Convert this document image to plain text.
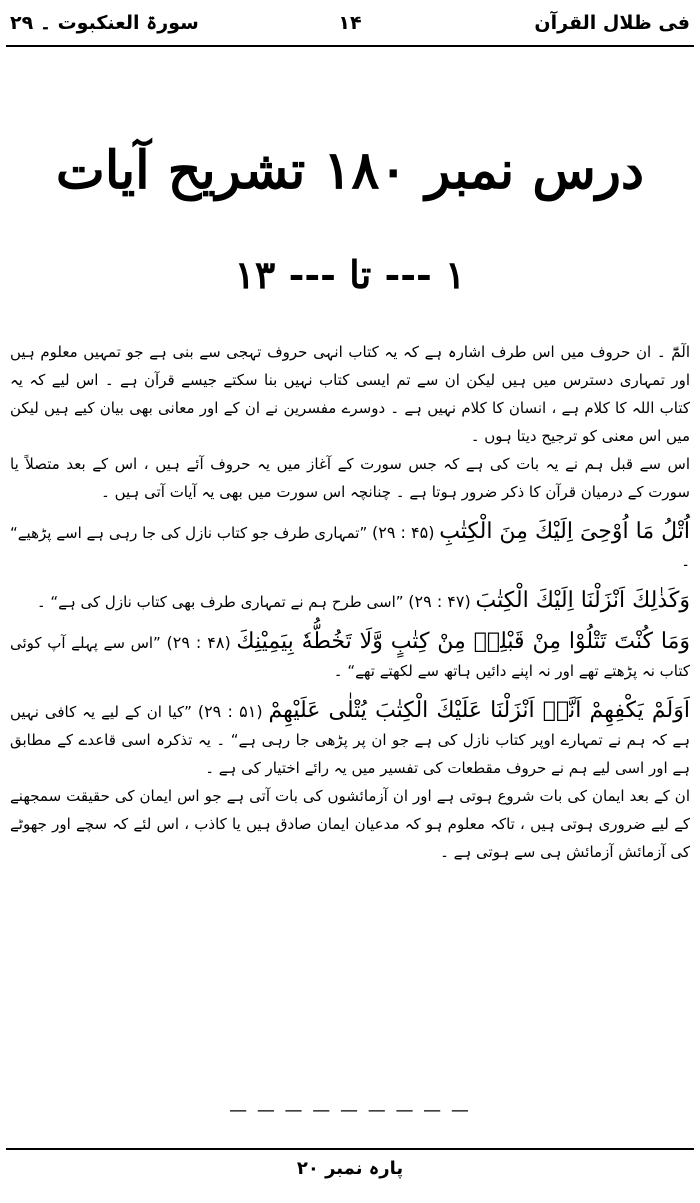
فی ظلال القرآن
۱۴
سورۃ العنکبوت ۔ ۲۹
درس نمبر ۱۸۰ تشریح آیات
۱ --- تا --- ۱۳

الٓمّٓ ۔ ان حروف میں اس طرف اشارہ ہے کہ یہ کتاب انہی حروف تہجی سے بنی ہے جو تمہیں معلوم ہیں اور تمہاری دسترس میں ہیں لیکن ان سے تم ایسی کتاب نہیں بنا سکتے جیسے قرآن ہے ۔ اس لیے کہ یہ کتاب اللہ کا کلام ہے ، انسان کا کلام نہیں ہے ۔ دوسرے مفسرین نے ان کے اور معانی بھی بیان کیے ہیں لیکن میں اس معنی کو ترجیح دیتا ہوں ۔

اس سے قبل ہم نے یہ بات کی ہے کہ جس سورت کے آغاز میں یہ حروف آئے ہیں ، اس کے بعد متصلاً یا سورت کے درمیان قرآن کا ذکر ضرور ہوتا ہے ۔ چنانچہ اس سورت میں بھی یہ آیات آتی ہیں ۔

اُتْلُ مَا اُوْحِیَ اِلَیْكَ مِنَ الْكِتٰبِ (۲۹ : ۴۵) ”تمہاری طرف جو کتاب نازل کی جا رہی ہے اسے پڑھیے“ ۔

وَكَذٰلِكَ اَنْزَلْنَا اِلَیْكَ الْكِتٰبَ (۲۹ : ۴۷) ”اسی طرح ہم نے تمہاری طرف بھی کتاب نازل کی ہے“ ۔

وَمَا كُنْتَ تَتْلُوْا مِنْ قَبْلِهٖ مِنْ كِتٰبٍ وَّلَا تَخُطُّهٗ بِیَمِیْنِكَ (۲۹ : ۴۸) ”اس سے پہلے آپ کوئی کتاب نہ پڑھتے تھے اور نہ اپنے دائیں ہاتھ سے لکھتے تھے“ ۔

اَوَلَمْ یَكْفِهِمْ اَنَّاۤ اَنْزَلْنَا عَلَیْكَ الْكِتٰبَ یُتْلٰى عَلَیْهِمْ (۲۹ : ۵۱) ”کیا ان کے لیے یہ کافی نہیں ہے کہ ہم نے تمہارے اوپر کتاب نازل کی ہے جو ان پر پڑھی جا رہی ہے“ ۔ یہ تذکرہ اسی قاعدے کے مطابق ہے اور اسی لیے ہم نے حروف مقطعات کی تفسیر میں یہ رائے اختیار کی ہے ۔

ان کے بعد ایمان کی بات شروع ہوتی ہے اور ان آزمائشوں کی بات آتی ہے جو اس ایمان کی حقیقت سمجھنے کے لیے ضروری ہوتی ہیں ، تاکہ معلوم ہو کہ مدعیان ایمان صادق ہیں یا کاذب ، اس لئے کہ سچے اور جھوٹے کی آزمائش آزمائش ہی سے ہوتی ہے ۔

— — — — — — — — —
پارہ نمبر ۲۰
